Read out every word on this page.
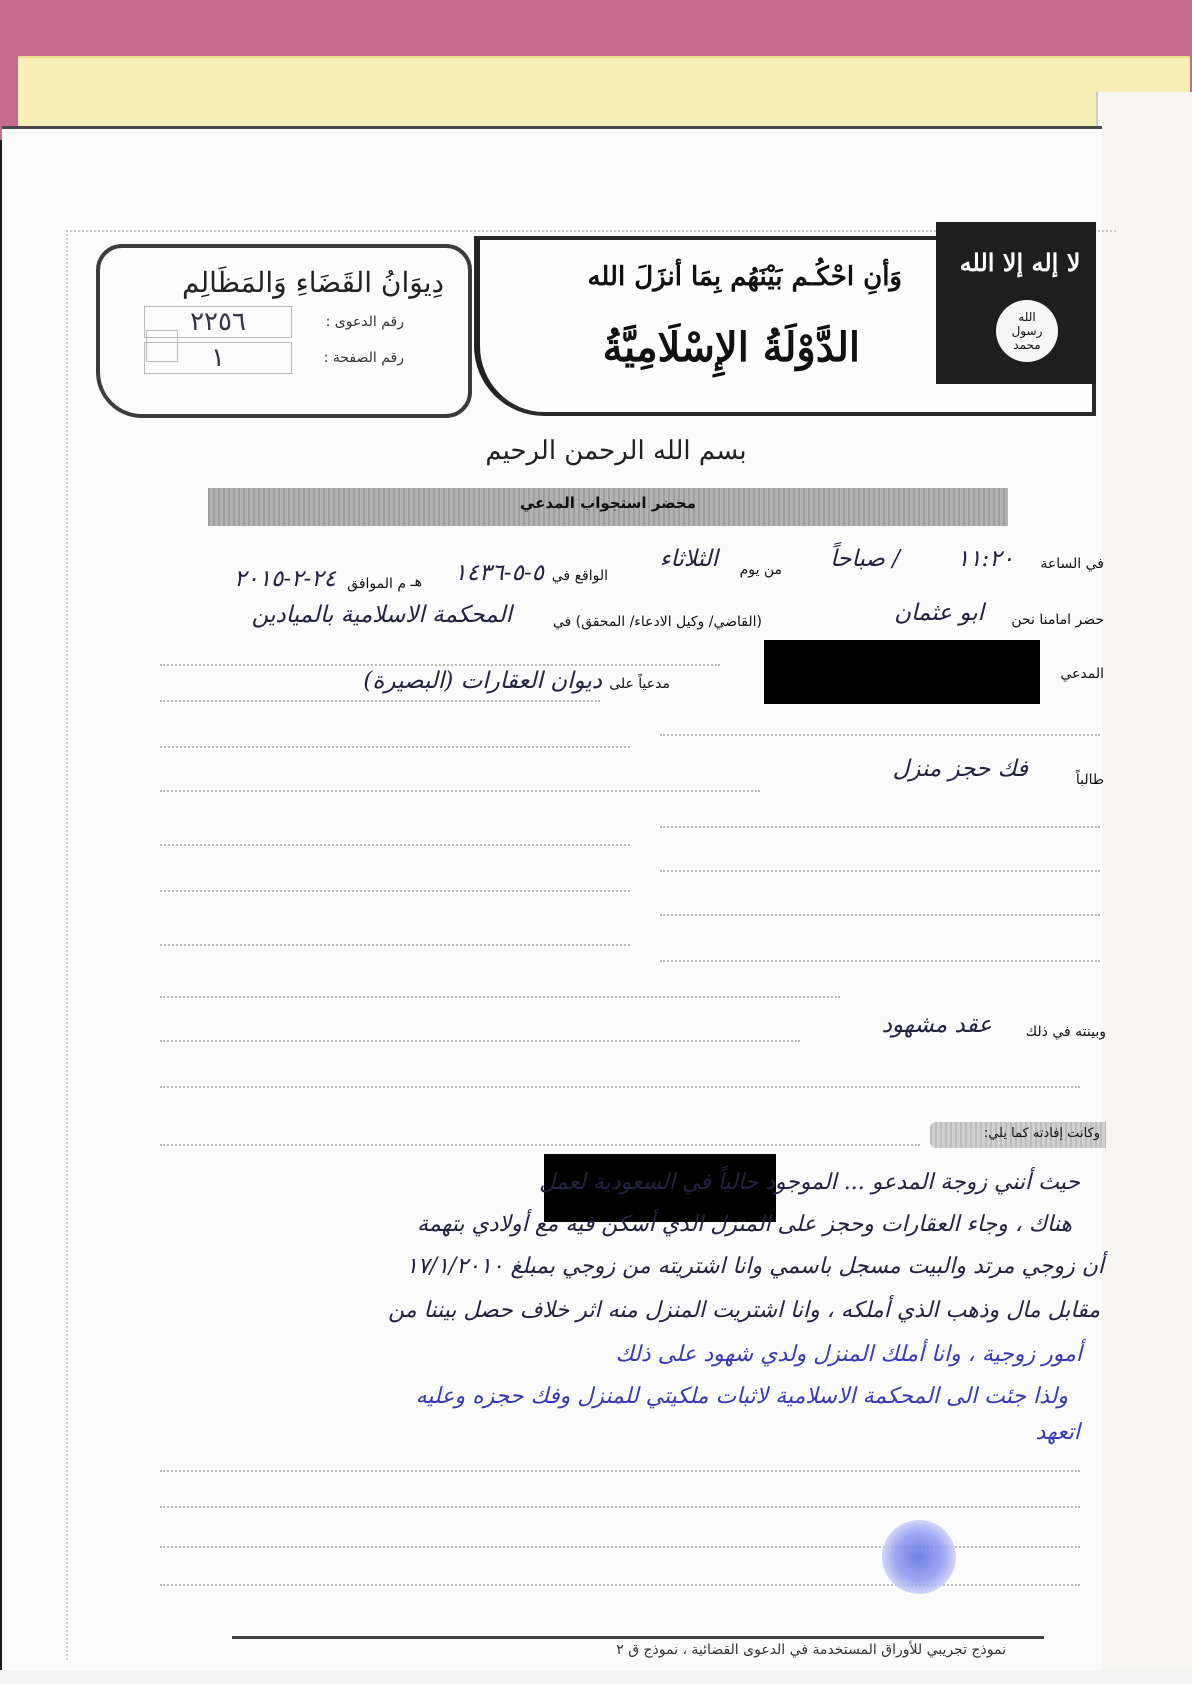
دِيوَانُ القَضَاءِ وَالمَظَالِم
رقم الدعوى :
٢٢٥٦
رقم الصفحة :
١
وَأنِ احْكُـم بَيْنَهُم بِمَا أنزَلَ الله
الدَّوْلَةُ الإِسْلَامِيَّةُ
لا إله إلا الله
الله
رسول
محمد
بسم الله الرحمن الرحيم
محضر استجواب المدعي
في الساعة
١١:٢٠
/ صباحاً
من يوم
الثلاثاء
الواقع في
٥-٥-١٤٣٦
هـ
م الموافق
٢٤-٢-٢٠١٥
حضر امامنا نحن
ابو عثمان
(القاضي/ وكيل الادعاء/ المحقق) في
المحكمة الاسلامية بالميادين
المدعي
مدعياً على
ديوان العقارات (البصيرة)
طالباً
فك حجز منزل
وبينته في ذلك
عقد مشهود
وكانت إفادته كما يلي:
حيث أنني زوجة المدعو ... الموجود حالياً في السعودية لعمل
هناك ، وجاء العقارات وحجز على المنزل الذي أسكن فيه مع أولادي بتهمة
أن زوجي مرتد والبيت مسجل باسمي وانا اشتريته من زوجي بمبلغ ١٧/١/٢٠١٠
مقابل مال وذهب الذي أملكه ، وانا اشتريت المنزل منه اثر خلاف حصل بيننا من
أمور زوجية ، وانا أملك المنزل ولدي شهود على ذلك
ولذا جئت الى المحكمة الاسلامية لاثبات ملكيتي للمنزل وفك حجزه وعليه
اتعهد
نموذج تجريبي للأوراق المستخدمة في الدعوى القضائية ، نموذج ق ٢
